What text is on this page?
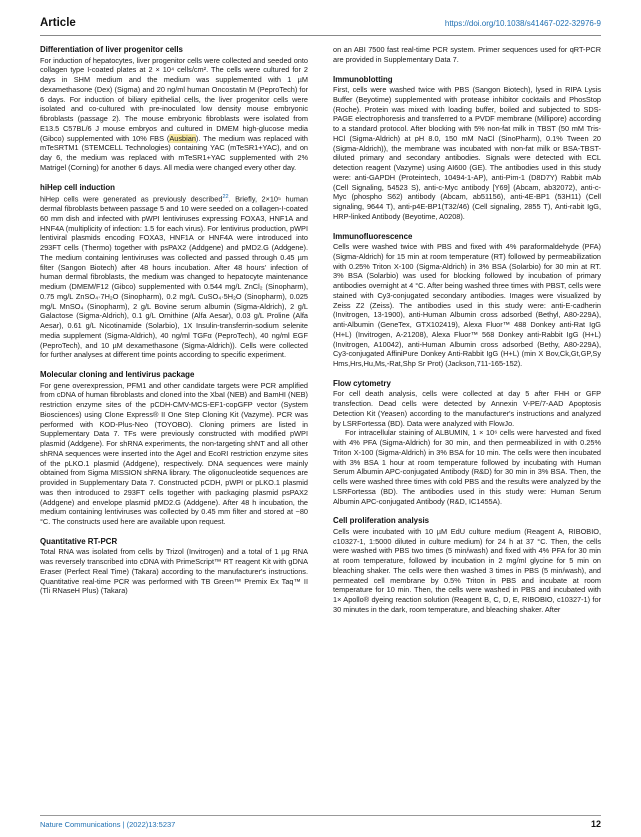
Article	https://doi.org/10.1038/s41467-022-32976-9
Differentiation of liver progenitor cells

For induction of hepatocytes, liver progenitor cells were collected and seeded onto collagen type I-coated plates at 2 × 10⁴ cells/cm². The cells were cultured for 2 days in SHM medium and the medium was supplemented with 1 µM dexamethasone (Dex) (Sigma) and 20 ng/ml human Oncostatin M (PeproTech) for 6 days. For induction of biliary epithelial cells, the liver progenitor cells were isolated and co-cultured with pre-inoculated low density mouse embryonic fibroblasts (passage 2). The mouse embryonic fibroblasts were isolated from E13.5 C57BL/6 J mouse embryos and cultured in DMEM high-glucose media (Gibco) supplemented with 10% FBS (Ausbian). The medium was replaced with mTeSRTM1 (STEMCELL Technologies) containing YAC (mTeSR1+YAC), and on day 6, the medium was replaced with mTeSR1+YAC supplemented with 2% Matrigel (Corning) for another 6 days. All media were changed every other day.

hiHep cell induction

hiHep cells were generated as previously described$^{22}$. Briefly, 2×10⁵ human dermal fibroblasts between passage 5 and 10 were seeded on a collagen-I-coated 60 mm dish and infected with pWPI lentiviruses expressing FOXA3, HNF1A and HNF4A (multiplicity of infection: 1.5 for each virus). For lentivirus production, pWPI lentiviral plasmids encoding FOXA3, HNF1A or HNF4A were introduced into 293FT cells (Thermo) together with psPAX2 (Addgene) and pMD2.G (Addgene). The medium containing lentiviruses was collected and passed through 0.45 µm filter (Sangon Biotech) after 48 hours incubation. After 48 hours' infection of human dermal fibroblasts, the medium was changed to hepatocyte maintenance medium (DMEM/F12 (Gibco) supplemented with 0.544 mg/L ZnCl₂ (Sinopharm), 0.75 mg/L ZnSO₄·7H₂O (Sinopharm), 0.2 mg/L CuSO₄·5H₂O (Sinopharm), 0.025 mg/L MnSO₄ (Sinopharm), 2 g/L Bovine serum albumin (Sigma-Aldrich), 2 g/L Galactose (Sigma-Aldrich), 0.1 g/L Ornithine (Alfa Aesar), 0.03 g/L Proline (Alfa Aesar), 0.61 g/L Nicotinamide (Solarbio), 1X Insulin-transferrin-sodium selenite media supplement (Sigma-Aldrich), 40 ng/ml TGFα (PeproTech), 40 ng/ml EGF (PeproTech), and 10 µM dexamethasone (Sigma-Aldrich)). Cells were collected for further analyses at different time points according to specific experiment.

Molecular cloning and lentivirus package

For gene overexpression, PFM1 and other candidate targets were PCR amplified from cDNA of human fibroblasts and cloned into the XbaI (NEB) and BamHI (NEB) restriction enzyme sites of the pCDH-CMV-MCS-EF1-copGFP vector (System Biosciences) using Clone Express® II One Step Cloning Kit (Vazyme). PCR was performed with KOD-Plus-Neo (TOYOBO). Cloning primers are listed in Supplementary Data 7. TFs were previously constructed with modified pWPI plasmid (Addgene). For shRNA experiments, the non-targeting shNT and all other shRNA sequences were inserted into the AgeI and EcoRI restriction enzyme sites of the pLKO.1 plasmid (Addgene), respectively. DNA sequences were mainly obtained from Sigma MISSION shRNA library. The oligonucleotide sequences are provided in Supplementary Data 7. Constructed pCDH, pWPI or pLKO.1 plasmid was then introduced to 293FT cells together with packaging plasmid psPAX2 (Addgene) and envelope plasmid pMD2.G (Addgene). After 48 h incubation, the medium containing lentiviruses was collected by 0.45 mm filter and stored at −80 °C. The constructs used here are available upon request.

Quantitative RT-PCR

Total RNA was isolated from cells by Trizol (Invitrogen) and a total of 1 µg RNA was reversely transcribed into cDNA with PrimeScript™ RT reagent Kit with gDNA Eraser (Perfect Real Time) (Takara) according to the manufacturer's instructions. Quantitative real-time PCR was performed with TB Green™ Premix Ex Taq™ II (Tli RNaseH Plus) (Takara)

on an ABI 7500 fast real-time PCR system. Primer sequences used for qRT-PCR are provided in Supplementary Data 7.

Immunoblotting

First, cells were washed twice with PBS (Sangon Biotech), lysed in RIPA Lysis Buffer (Beyotime) supplemented with protease inhibitor cocktails and PhosStop (Roche). Protein was mixed with loading buffer, boiled and subjected to SDS-PAGE electrophoresis and transferred to a PVDF membrane (Millipore) according to a standard protocol. After blocking with 5% non-fat milk in TBST (50 mM Tris-HCl (Sigma-Aldrich) at pH 8.0, 150 mM NaCl (SinoPharm), 0.1% Tween 20 (Sigma-Aldrich)), the membrane was incubated with non-fat milk or BSA-TBST-diluted primary and secondary antibodies. Signals were detected with ECL detection reagent (Vazyme) using AI600 (GE). The antibodies used in this study were: anti-GAPDH (Proteintech, 10494-1-AP), anti-Pim-1 (D8D7Y) Rabbit mAb (Cell Signaling, 54523 S), anti-c-Myc antibody [Y69] (Abcam, ab32072), anti-c-Myc (phospho S62) antibody (Abcam, ab51156), anti-4E-BP1 (53H11) (Cell signaling, 9644 T), anti-p4E-BP1(T32/46) (Cell signaling, 2855 T), Anti-rabit IgG, HRP-linked Antibody (Beyotime, A0208).

Immunofluorescence

Cells were washed twice with PBS and fixed with 4% paraformaldehyde (PFA) (Sigma-Aldrich) for 15 min at room temperature (RT) followed by permeabilization with 0.25% Triton X-100 (Sigma-Aldrich) in 3% BSA (Solarbio) for 30 min at RT. 3% BSA (Solarbio) was used for blocking followed by incubation of primary antibodies overnight at 4 °C. After being washed three times with PBST, cells were stained with Cy3-conjugated secondary antibodies. Images were visualized by Zeiss Z2 (Zeiss). The antibodies used in this study were: anti-E-cadherin (Invitrogen, 13-1900), anti-Human Albumin cross adsorbed (Bethyl, A80-229A), anti-Albumin (GeneTex, GTX102419), Alexa Fluor™ 488 Donkey anti-Rat IgG (H+L) (Invitrogen, A-21208), Alexa Fluor™ 568 Donkey anti-Rabbit IgG (H+L) (Invitrogen, A10042), anti-Human Albumin cross adsorbed (Bethy, A80-229A), Cy3-conjugated AffiniPure Donkey Anti-Rabbit IgG (H+L) (min X Bov,Ck,Gt,GP,Sy Hms,Hrs,Hu,Ms,-Rat,Shp Sr Prot) (Jackson,711-165-152).

Flow cytometry

For cell death analysis, cells were collected at day 5 after FHH or GFP transfection. Dead cells were detected by Annexin V-PE/7-AAD Apoptosis Detection Kit (Yeasen) according to the manufacturer's instructions and analyzed by LSRFortessa (BD). Data were analyzed with FlowJo.

For intracellular staining of ALBUMIN, 1 × 10⁶ cells were harvested and fixed with 4% PFA (Sigma-Aldrich) for 30 min, and then permeabilized in with 0.25% Triton X-100 (Sigma-Aldrich) in 3% BSA for 10 min. The cells were then incubated with 3% BSA 1 hour at room temperature followed by incubating with Human Serum Albumin APC-conjugated Antibody (R&D) for 30 min in 3% BSA. Then, the cells were washed three times with cold PBS and the results were analyzed by the LSRFortessa (BD). The antibodies used in this study were: Human Serum Albumin APC-conjugated Antibody (R&D, IC1455A).

Cell proliferation analysis

Cells were incubated with 10 µM EdU culture medium (Reagent A, RIBOBIO, c10327-1, 1:5000 diluted in culture medium) for 24 h at 37 °C. Then, the cells were washed with PBS two times (5 min/wash) and fixed with 4% PFA for 30 min at room temperature, followed by incubation in 2 mg/ml glycine for 5 min on bleaching shaker. The cells were then washed 3 times in PBS (5 min/wash), and permeated cell membrane by 0.5% Triton in PBS and incubate at room temperature for 10 min. Then, the cells were washed in PBS and incubated with 1× Apollo® dyeing reaction solution (Reagent B, C, D, E, RIBOBIO, c10327-1) for 30 minutes in the dark, room temperature, and bleaching shaker. After

Nature Communications | (2022)13:5237	12
